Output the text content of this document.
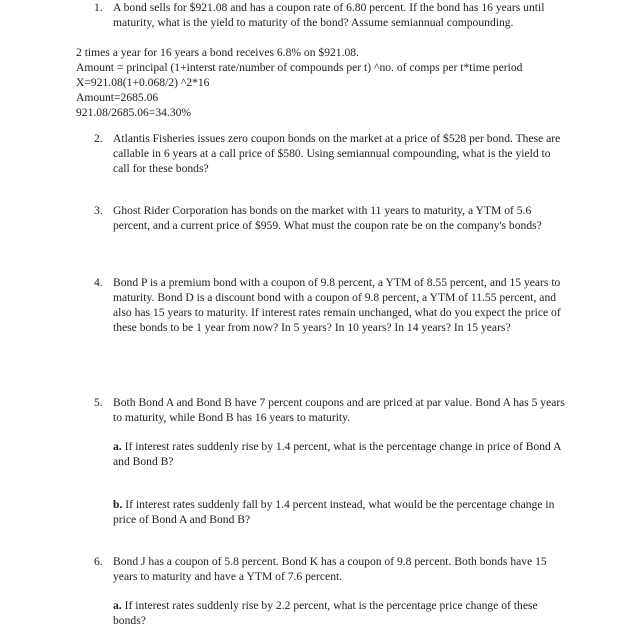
1. A bond sells for $921.08 and has a coupon rate of 6.80 percent. If the bond has 16 years until maturity, what is the yield to maturity of the bond? Assume semiannual compounding.
2 times a year for 16 years a bond receives 6.8% on $921.08.
Amount = principal (1+interst rate/number of compounds per t) ^no. of comps per t*time period
X=921.08(1+0.068/2) ^2*16
Amount=2685.06
921.08/2685.06=34.30%
2. Atlantis Fisheries issues zero coupon bonds on the market at a price of $528 per bond. These are callable in 6 years at a call price of $580. Using semiannual compounding, what is the yield to call for these bonds?
3. Ghost Rider Corporation has bonds on the market with 11 years to maturity, a YTM of 5.6 percent, and a current price of $959. What must the coupon rate be on the company's bonds?
4. Bond P is a premium bond with a coupon of 9.8 percent, a YTM of 8.55 percent, and 15 years to maturity. Bond D is a discount bond with a coupon of 9.8 percent, a YTM of 11.55 percent, and also has 15 years to maturity. If interest rates remain unchanged, what do you expect the price of these bonds to be 1 year from now? In 5 years? In 10 years? In 14 years? In 15 years?
5. Both Bond A and Bond B have 7 percent coupons and are priced at par value. Bond A has 5 years to maturity, while Bond B has 16 years to maturity.
a. If interest rates suddenly rise by 1.4 percent, what is the percentage change in price of Bond A and Bond B?
b. If interest rates suddenly fall by 1.4 percent instead, what would be the percentage change in price of Bond A and Bond B?
6. Bond J has a coupon of 5.8 percent. Bond K has a coupon of 9.8 percent. Both bonds have 15 years to maturity and have a YTM of 7.6 percent.
a. If interest rates suddenly rise by 2.2 percent, what is the percentage price change of these bonds?
